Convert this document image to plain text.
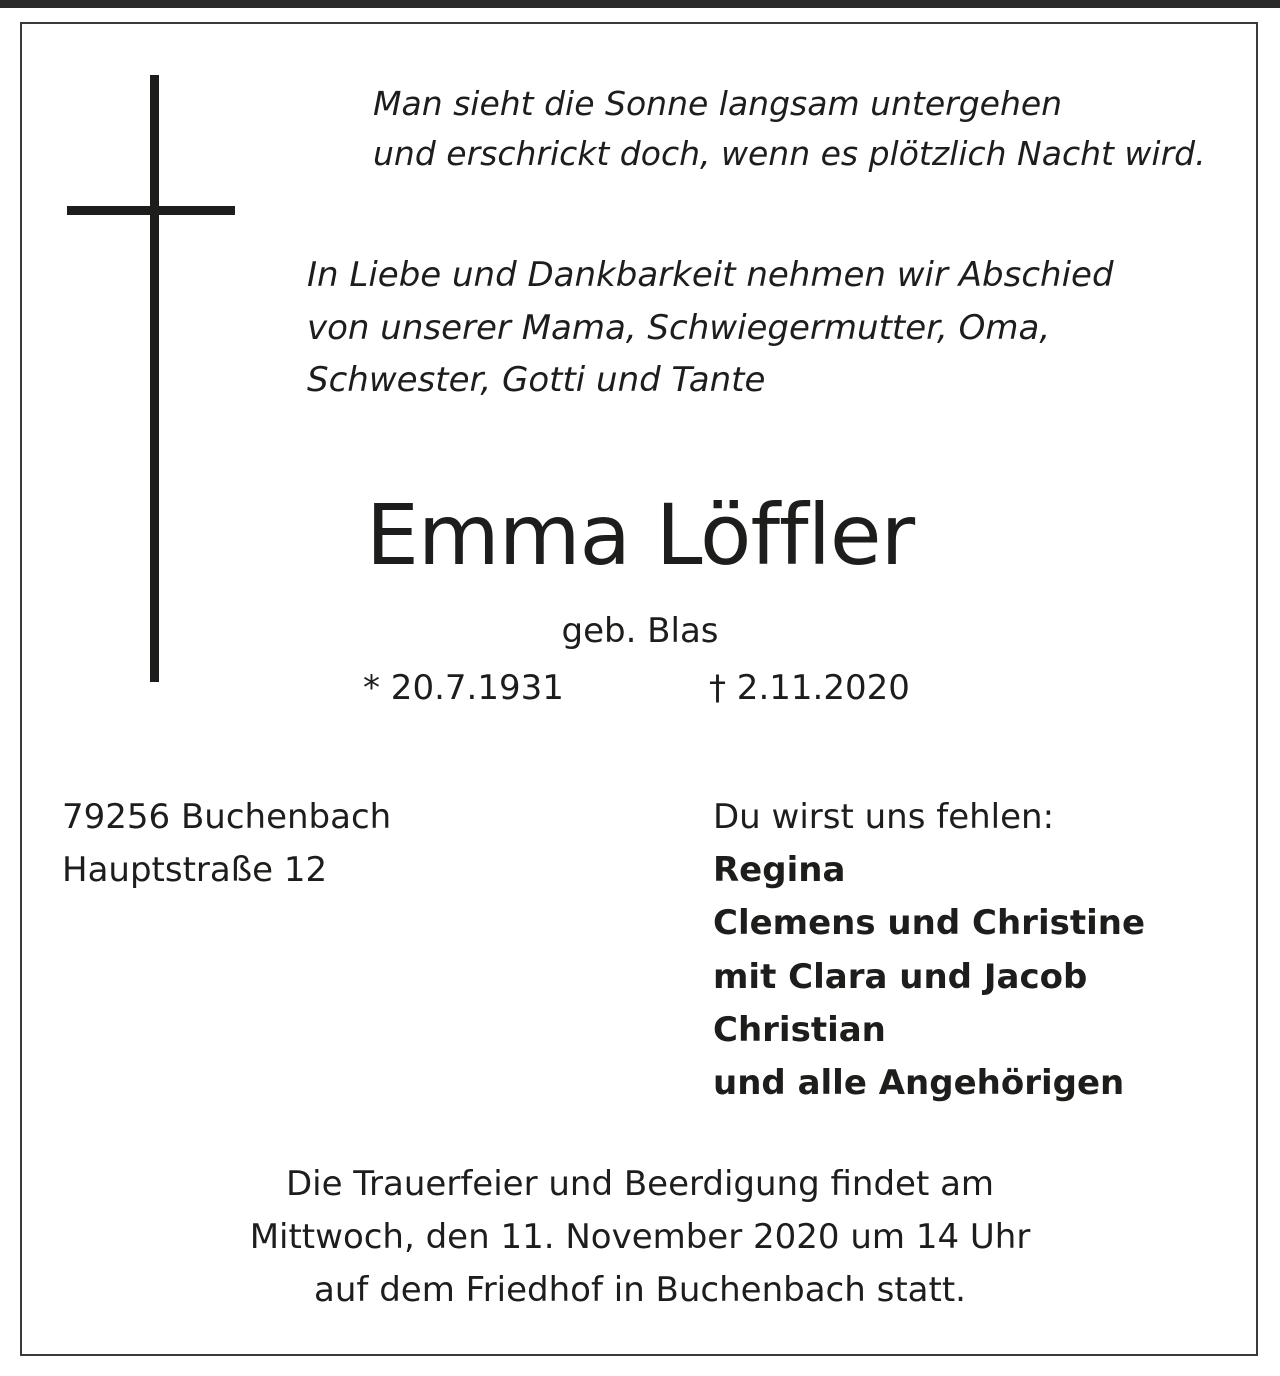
Man sieht die Sonne langsam untergehen
und erschrickt doch, wenn es plötzlich Nacht wird.
In Liebe und Dankbarkeit nehmen wir Abschied
von unserer Mama, Schwiegermutter, Oma,
Schwester, Gotti und Tante
Emma Löffler
geb. Blas
* 20.7.1931	† 2.11.2020
79256 Buchenbach
Hauptstraße 12
Du wirst uns fehlen:
Regina
Clemens und Christine
mit Clara und Jacob
Christian
und alle Angehörigen
Die Trauerfeier und Beerdigung findet am
Mittwoch, den 11. November 2020 um 14 Uhr
auf dem Friedhof in Buchenbach statt.
